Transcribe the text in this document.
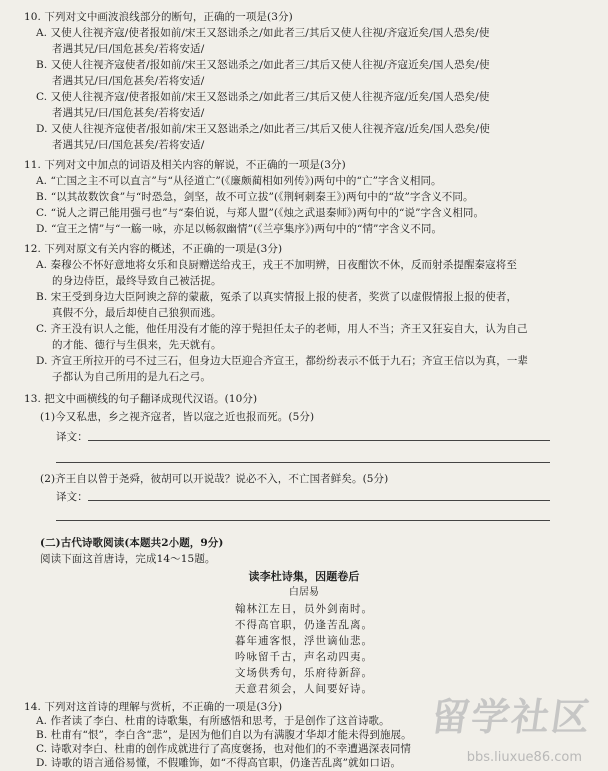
10. 下列对文中画波浪线部分的断句，正确的一项是(3分)
A. 又使人往视齐寇/使者报如前/宋王又怒诎杀之/如此者三/其后又使人往视/齐寇近矣/国人恐矣/使
者遇其兄/曰/国危甚矣/若将安适/
B. 又使人往视齐寇使者/报如前/宋王又怒诎杀之/如此者三/其后又使人往视/齐寇近矣/国人恐矣/使
者遇其兄/曰/国危甚矣/若将安适/
C. 又使人往视齐寇/使者报如前/宋王又怒诎杀之/如此者三/其后又使人往视齐寇/近矣/国人恐矣/使
者遇其兄/曰/国危甚矣/若将安适/
D. 又使人往视齐寇使者/报如前/宋王又怒诎杀之/如此者三/其后又使人往视齐寇/近矣/国人恐矣/使
者遇其兄/曰/国危甚矣/若将安适/
11. 下列对文中加点的词语及相关内容的解说，不正确的一项是(3分)
A. “亡国之主不可以直言”与“从径道亡”(《廉颇蔺相如列传》)两句中的“亡”字含义相同。
B. “以其故数饮食”与“时恐急，剑坚，故不可立拔”(《荆轲刺秦王》)两句中的“故”字含义不同。
C. “说人之谓己能用强弓也”与“秦伯说，与郑人盟”(《烛之武退秦师》)两句中的“说”字含义相同。
D. “宣王之情”与“一觞一咏，亦足以畅叙幽情”(《兰亭集序》)两句中的“情”字含义不同。
12. 下列对原文有关内容的概述，不正确的一项是(3分)
A. 秦穆公不怀好意地将女乐和良厨赠送给戎王，戎王不加明辨，日夜酣饮不休，反而射杀提醒秦寇将至
的身边侍臣，最终导致自己被活捉。
B. 宋王受到身边大臣阿谀之辞的蒙蔽，冤杀了以真实情报上报的使者，奖赏了以虚假情报上报的使者，
真假不分，最后却使自己狼狈而逃。
C. 齐王没有识人之能，他任用没有才能的淳于髡担任太子的老师，用人不当；齐王又狂妄自大，认为自己
的才能、德行与生俱来，先天就有。
D. 齐宣王所拉开的弓不过三石，但身边大臣迎合齐宣王，都纷纷表示不低于九石；齐宣王信以为真，一辈
子都认为自己所用的是九石之弓。
13. 把文中画横线的句子翻译成现代汉语。(10分)
(1)今又私患，乡之视齐寇者，皆以寇之近也报而死。(5分)
译文：
(2)齐王自以曾于尧舜，彼胡可以开说哉？说必不入，不亡国者鲜矣。(5分)
译文：
(二)古代诗歌阅读(本题共2小题，9分)
阅读下面这首唐诗，完成14～15题。
读李杜诗集，因题卷后
白居易
翰林江左日，员外剑南时。
不得高官职，仍逢苦乱离。
暮年逋客恨，浮世谪仙悲。
吟咏留千古，声名动四夷。
文场供秀句，乐府待新辞。
天意君须会，人间要好诗。
14. 下列对这首诗的理解与赏析，不正确的一项是(3分)
A. 作者读了李白、杜甫的诗歌集，有所感悟和思考，于是创作了这首诗歌。
B. 杜甫有“恨”，李白含“悲”，是因为他们自以为有满腹才华却才能未得到施展。
C. 诗歌对李白、杜甫的创作成就进行了高度褒扬，也对他们的不幸遭遇深表同情
D. 诗歌的语言通俗易懂，不假雕饰，如“不得高官职，仍逢苦乱离”就如口语。
留学社区
bbs.liuxue86.com
